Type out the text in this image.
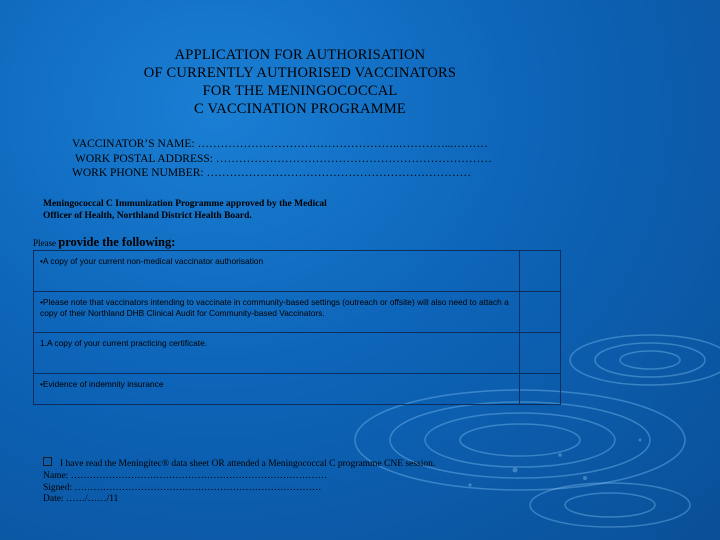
APPLICATION FOR AUTHORISATION
OF CURRENTLY AUTHORISED VACCINATORS
FOR THE MENINGOCOCCAL
C VACCINATION PROGRAMME
VACCINATOR’S NAME: ……………………………………………..…………...………
WORK POSTAL ADDRESS: ………………………………………………………………
WORK PHONE NUMBER: ……………………………………………………………
Meningococcal C Immunization Programme approved by the Medical
Officer of Health, Northland District Health Board.
Please provide the following:
•A copy of your current non-medical vaccinator authorisation	
•Please note that vaccinators intending to vaccinate in community-based settings (outreach or offsite) will also need to attach a copy of their Northland DHB Clinical Audit for Community-based Vaccinators.	
1.A copy of your current practicing certificate.	
•Evidence of indemnity insurance	
I have read the Meningitec® data sheet OR attended a Meningococcal C programme CNE session.
Name: ………………………………………………………………………
Signed: ……………………………………………………………………
Date: ……/……/11
